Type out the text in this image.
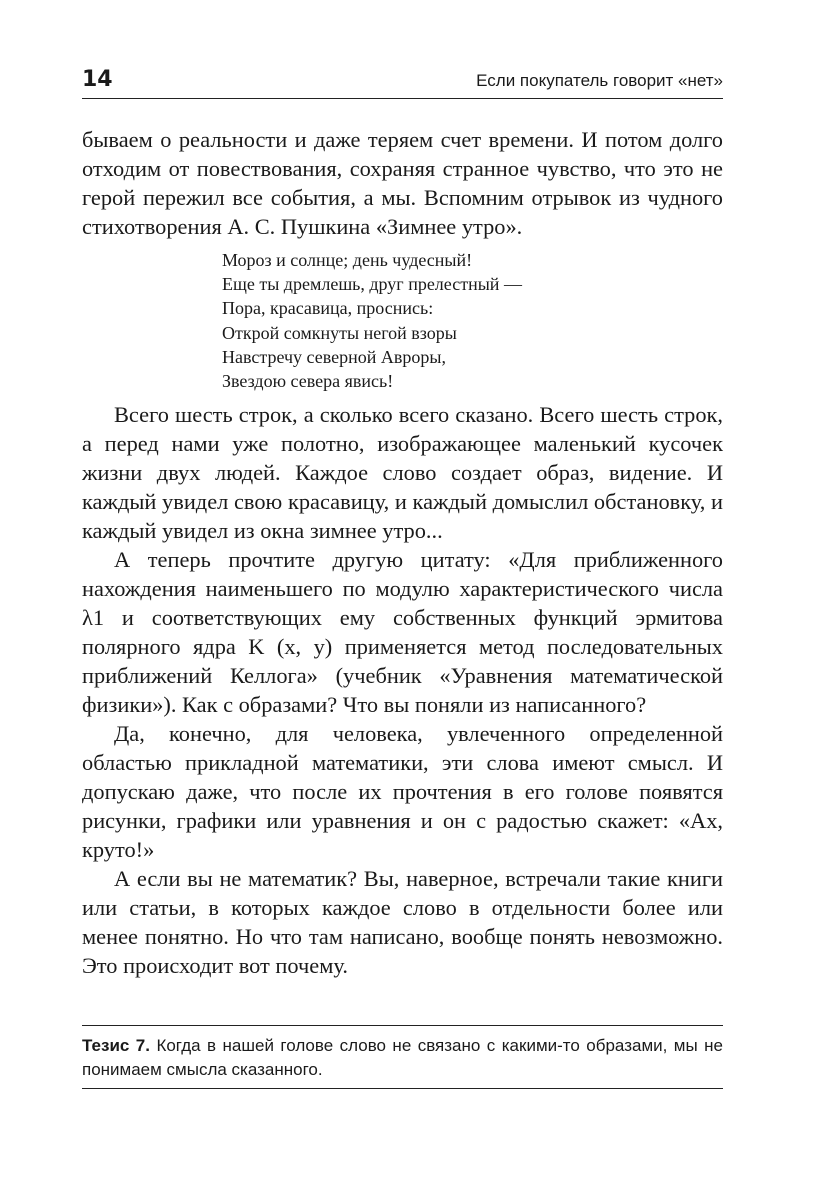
14	Если покупатель говорит «нет»

бываем о реальности и даже теряем счет времени. И потом долго отходим от повествования, сохраняя странное чувство, что это не герой пережил все события, а мы. Вспомним отрывок из чудного стихотворения А. С. Пушкина «Зимнее утро».

Мороз и солнце; день чудесный!
Еще ты дремлешь, друг прелестный —
Пора, красавица, проснись:
Открой сомкнуты негой взоры
Навстречу северной Авроры,
Звездою севера явись!

Всего шесть строк, а сколько всего сказано. Всего шесть строк, а перед нами уже полотно, изображающее маленький кусочек жизни двух людей. Каждое слово создает образ, видение. И каждый увидел свою красавицу, и каждый домыслил обстановку, и каждый увидел из окна зимнее утро...

А теперь прочтите другую цитату: «Для приближенного нахождения наименьшего по модулю характеристического числа λ1 и соответствующих ему собственных функций эрмитова полярного ядра K (x, y) применяется метод последовательных приближений Келлога» (учебник «Уравнения математической физики»). Как с образами? Что вы поняли из написанного?

Да, конечно, для человека, увлеченного определенной областью прикладной математики, эти слова имеют смысл. И допускаю даже, что после их прочтения в его голове появятся рисунки, графики или уравнения и он с радостью скажет: «Ах, круто!»

А если вы не математик? Вы, наверное, встречали такие книги или статьи, в которых каждое слово в отдельности более или менее понятно. Но что там написано, вообще понять невозможно. Это происходит вот почему.

Тезис 7. Когда в нашей голове слово не связано с какими-то образами, мы не понимаем смысла сказанного.
